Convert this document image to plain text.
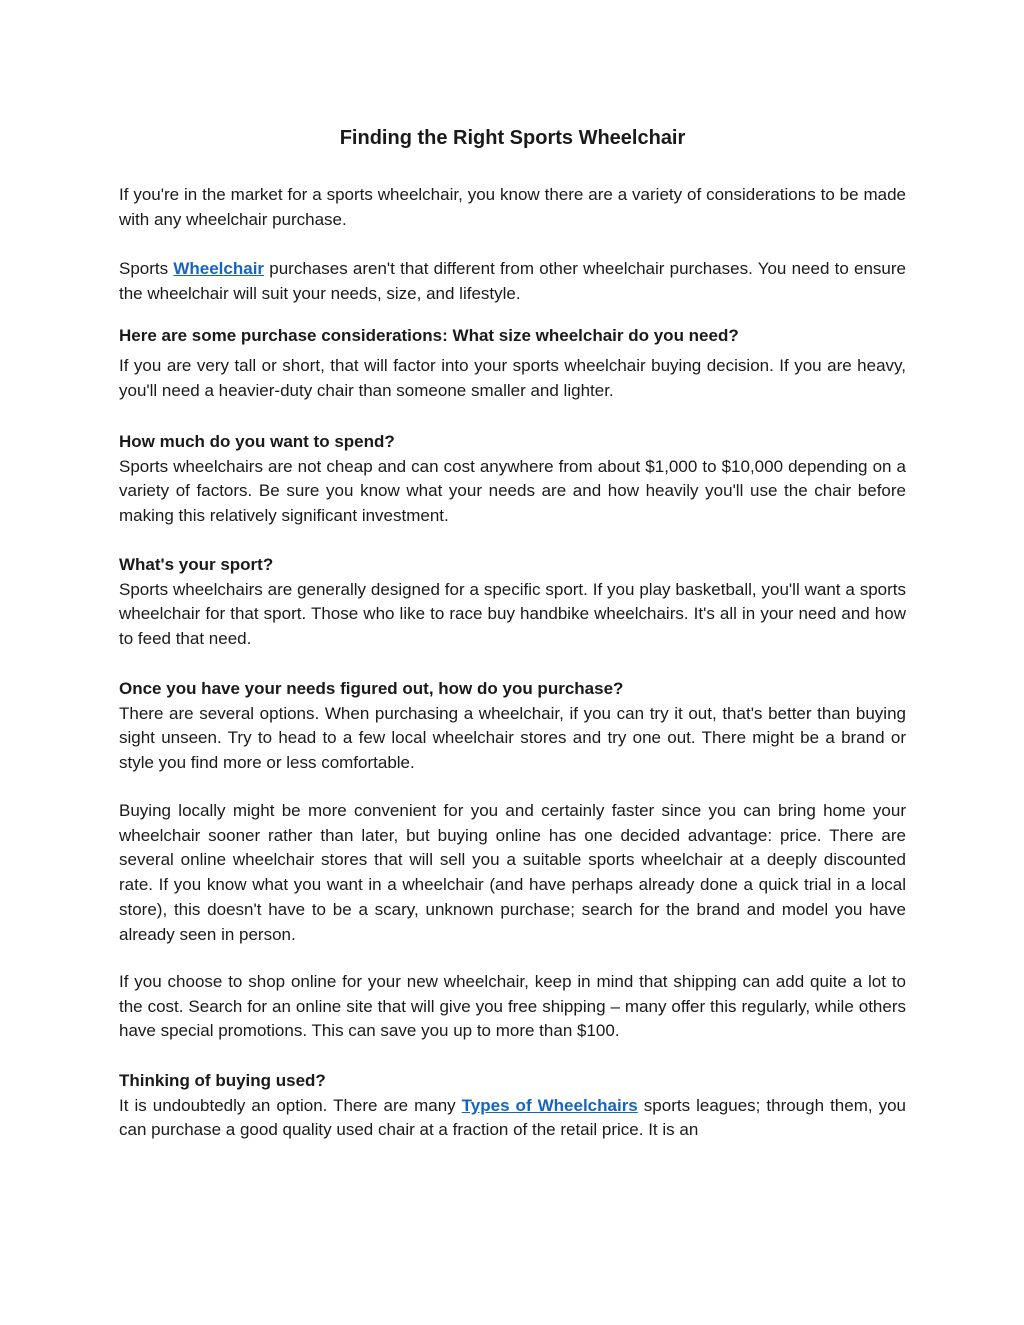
Finding the Right Sports Wheelchair

If you're in the market for a sports wheelchair, you know there are a variety of considerations to be made with any wheelchair purchase.

Sports Wheelchair purchases aren't that different from other wheelchair purchases. You need to ensure the wheelchair will suit your needs, size, and lifestyle.

Here are some purchase considerations: What size wheelchair do you need?

If you are very tall or short, that will factor into your sports wheelchair buying decision. If you are heavy, you'll need a heavier-duty chair than someone smaller and lighter.

How much do you want to spend?
Sports wheelchairs are not cheap and can cost anywhere from about $1,000 to $10,000 depending on a variety of factors. Be sure you know what your needs are and how heavily you'll use the chair before making this relatively significant investment.

What's your sport?
Sports wheelchairs are generally designed for a specific sport. If you play basketball, you'll want a sports wheelchair for that sport. Those who like to race buy handbike wheelchairs. It's all in your need and how to feed that need.

Once you have your needs figured out, how do you purchase?
There are several options. When purchasing a wheelchair, if you can try it out, that's better than buying sight unseen. Try to head to a few local wheelchair stores and try one out. There might be a brand or style you find more or less comfortable.

Buying locally might be more convenient for you and certainly faster since you can bring home your wheelchair sooner rather than later, but buying online has one decided advantage: price. There are several online wheelchair stores that will sell you a suitable sports wheelchair at a deeply discounted rate. If you know what you want in a wheelchair (and have perhaps already done a quick trial in a local store), this doesn't have to be a scary, unknown purchase; search for the brand and model you have already seen in person.

If you choose to shop online for your new wheelchair, keep in mind that shipping can add quite a lot to the cost. Search for an online site that will give you free shipping – many offer this regularly, while others have special promotions. This can save you up to more than $100.

Thinking of buying used?
It is undoubtedly an option. There are many Types of Wheelchairs sports leagues; through them, you can purchase a good quality used chair at a fraction of the retail price. It is an
